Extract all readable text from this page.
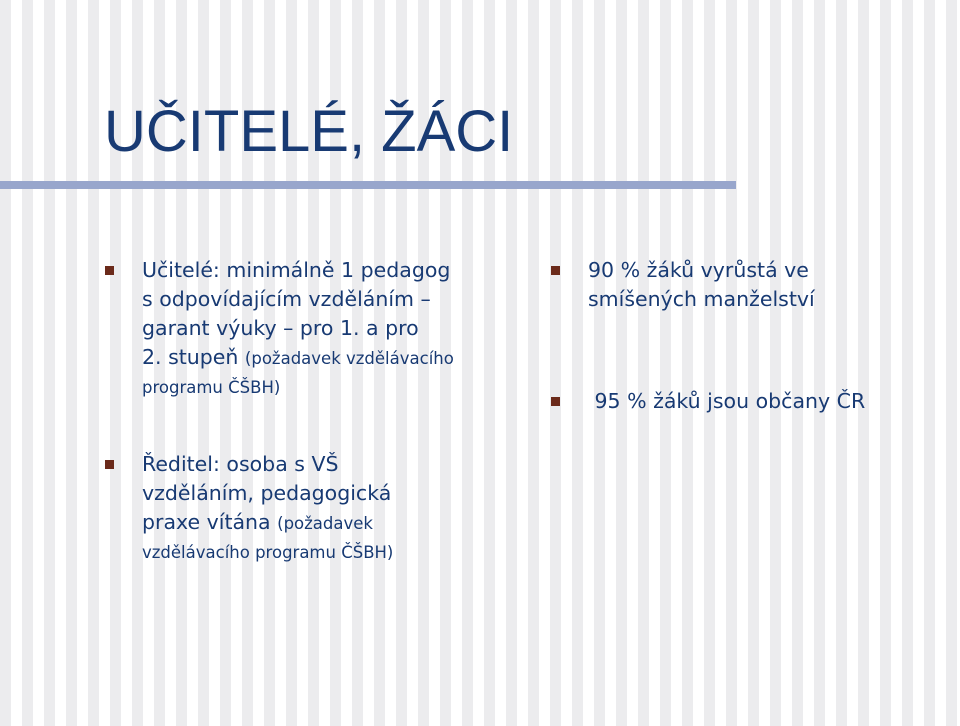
UČITELÉ, ŽÁCI
Učitelé: minimálně 1 pedagog
s odpovídajícím vzděláním –
garant výuky – pro 1. a pro
2. stupeň (požadavek vzdělávacího
programu ČŠBH)
Ředitel: osoba s VŠ
vzděláním, pedagogická
praxe vítána (požadavek
vzdělávacího programu ČŠBH)
90 % žáků vyrůstá ve
smíšených manželství
95 % žáků jsou občany ČR
